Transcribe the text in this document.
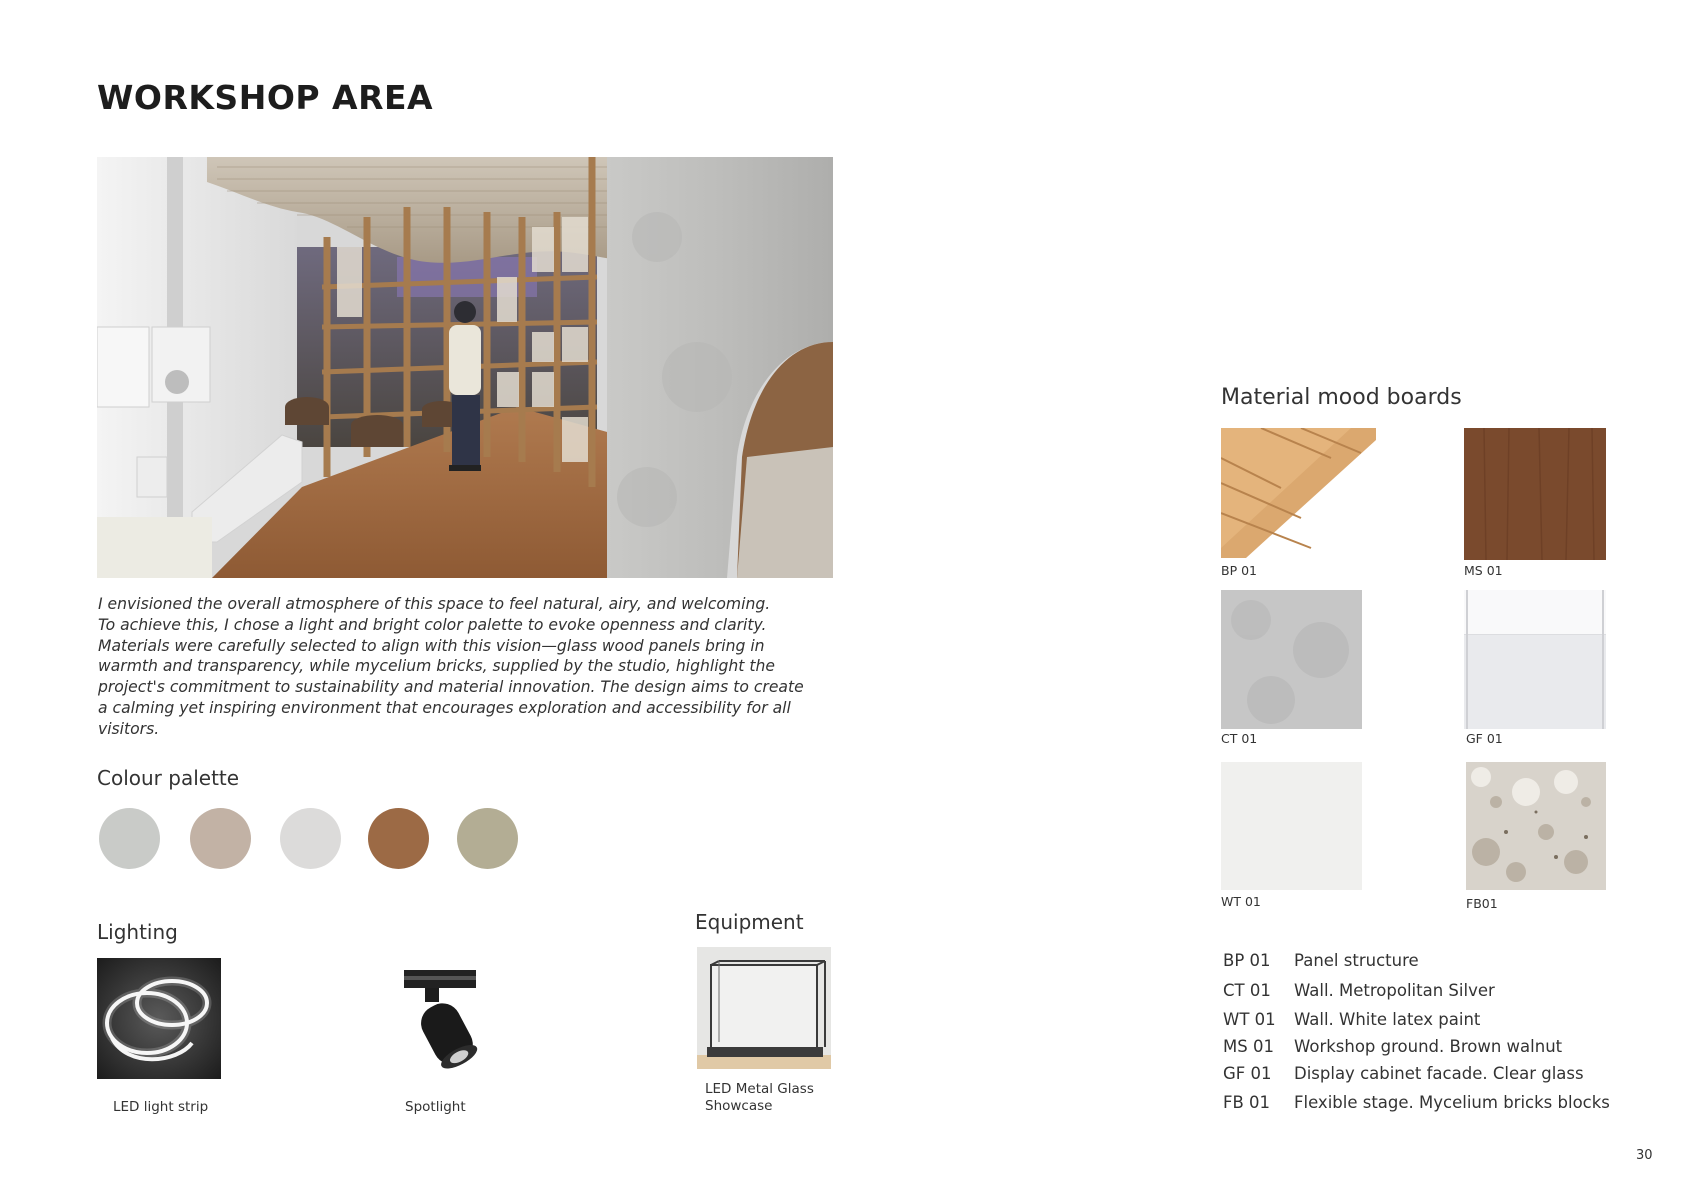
WORKSHOP AREA

I envisioned the overall atmosphere of this space to feel natural, airy, and welcoming.

To achieve this, I chose a light and bright color palette to evoke openness and clarity.

Materials were carefully selected to align with this vision—glass wood panels bring in

warmth and transparency, while mycelium bricks, supplied by the studio, highlight the

project's commitment to sustainability and material innovation. The design aims to create

a calming yet inspiring environment that encourages exploration and accessibility for all

visitors.

Colour palette
Lighting
LED light strip	Spotlight
Equipment
LED Metal Glass
Showcase
Material mood boards
BP 01	MS 01
CT 01	GF 01
WT 01	FB01
BP 01 Panel structure
CT 01 Wall. Metropolitan Silver
WT 01 Wall. White latex paint
MS 01 Workshop ground. Brown walnut
GF 01 Display cabinet facade. Clear glass
FB 01 Flexible stage. Mycelium bricks blocks
30
